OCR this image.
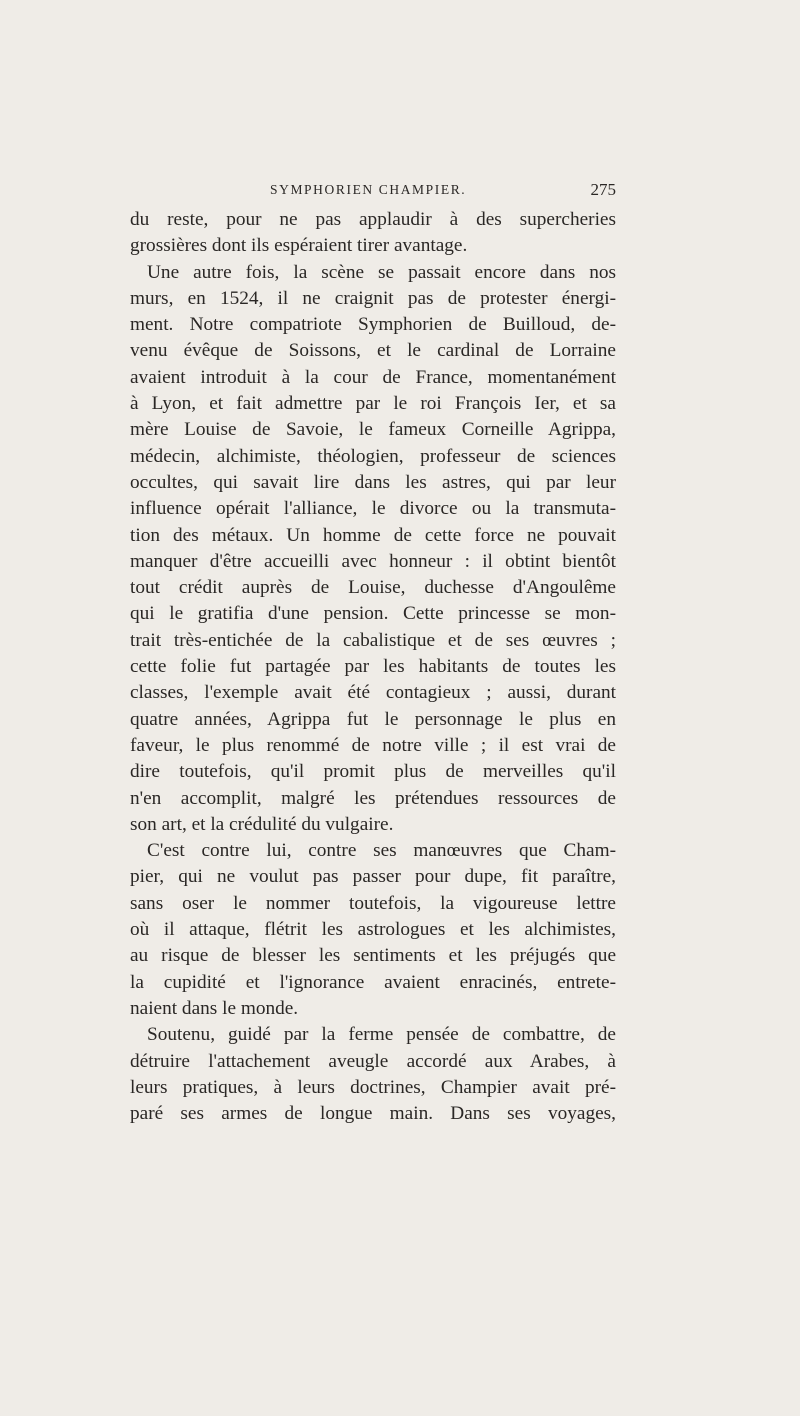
SYMPHORIEN CHAMPIER.	275
du reste, pour ne pas applaudir à des supercheries
grossières dont ils espéraient tirer avantage.
Une autre fois, la scène se passait encore dans nos
murs, en 1524, il ne craignit pas de protester énergi-
ment. Notre compatriote Symphorien de Builloud, de-
venu évêque de Soissons, et le cardinal de Lorraine
avaient introduit à la cour de France, momentanément
à Lyon, et fait admettre par le roi François Ier, et sa
mère Louise de Savoie, le fameux Corneille Agrippa,
médecin, alchimiste, théologien, professeur de sciences
occultes, qui savait lire dans les astres, qui par leur
influence opérait l'alliance, le divorce ou la transmuta-
tion des métaux. Un homme de cette force ne pouvait
manquer d'être accueilli avec honneur : il obtint bientôt
tout crédit auprès de Louise, duchesse d'Angoulême
qui le gratifia d'une pension. Cette princesse se mon-
trait très-entichée de la cabalistique et de ses œuvres ;
cette folie fut partagée par les habitants de toutes les
classes, l'exemple avait été contagieux ; aussi, durant
quatre années, Agrippa fut le personnage le plus en
faveur, le plus renommé de notre ville ; il est vrai de
dire toutefois, qu'il promit plus de merveilles qu'il
n'en accomplit, malgré les prétendues ressources de
son art, et la crédulité du vulgaire.
C'est contre lui, contre ses manœuvres que Cham-
pier, qui ne voulut pas passer pour dupe, fit paraître,
sans oser le nommer toutefois, la vigoureuse lettre
où il attaque, flétrit les astrologues et les alchimistes,
au risque de blesser les sentiments et les préjugés que
la cupidité et l'ignorance avaient enracinés, entrete-
naient dans le monde.
Soutenu, guidé par la ferme pensée de combattre, de
détruire l'attachement aveugle accordé aux Arabes, à
leurs pratiques, à leurs doctrines, Champier avait pré-
paré ses armes de longue main. Dans ses voyages,
